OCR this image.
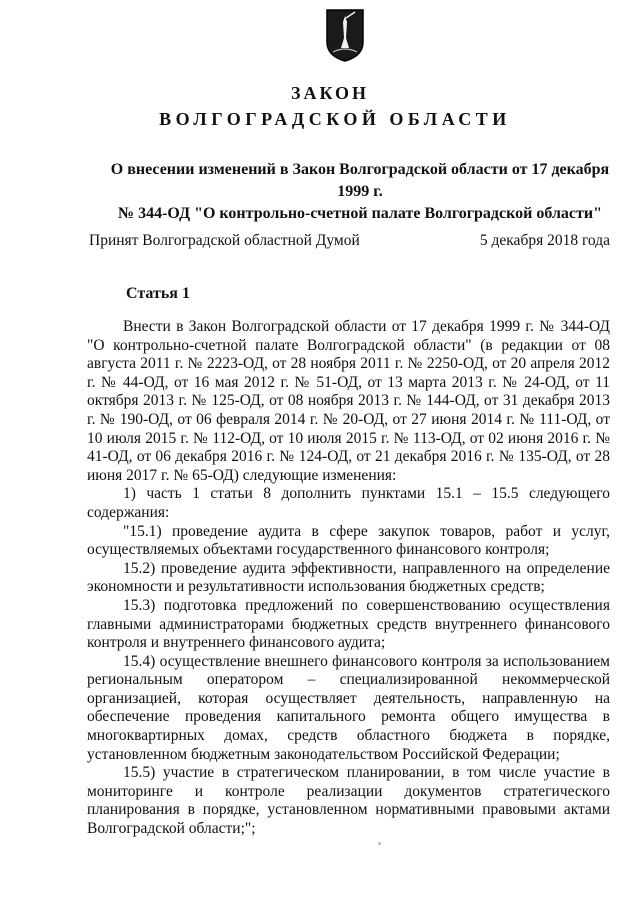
ЗАКОН
ВОЛГОГРАДСКОЙ ОБЛАСТИ
О внесении изменений в Закон Волгоградской области от 17 декабря 1999 г.
№ 344-ОД "О контрольно-счетной палате Волгоградской области"
Принят Волгоградской областной Думой	5 декабря 2018 года
Статья 1

Внести в Закон Волгоградской области от 17 декабря 1999 г. № 344-ОД "О контрольно-счетной палате Волгоградской области" (в редакции от 08 августа 2011 г. № 2223-ОД, от 28 ноября 2011 г. № 2250-ОД, от 20 апреля 2012 г. № 44-ОД, от 16 мая 2012 г. № 51-ОД, от 13 марта 2013 г. № 24-ОД, от 11 октября 2013 г. № 125-ОД, от 08 ноября 2013 г. № 144-ОД, от 31 декабря 2013 г. № 190-ОД, от 06 февраля 2014 г. № 20-ОД, от 27 июня 2014 г. № 111-ОД, от 10 июля 2015 г. № 112-ОД, от 10 июля 2015 г. № 113-ОД, от 02 июня 2016 г. № 41-ОД, от 06 декабря 2016 г. № 124-ОД, от 21 декабря 2016 г. № 135-ОД, от 28 июня 2017 г. № 65-ОД) следующие изменения:

1) часть 1 статьи 8 дополнить пунктами 15.1 – 15.5 следующего содержания:

"15.1) проведение аудита в сфере закупок товаров, работ и услуг, осуществляемых объектами государственного финансового контроля;

15.2) проведение аудита эффективности, направленного на определение экономности и результативности использования бюджетных средств;

15.3) подготовка предложений по совершенствованию осуществления главными администраторами бюджетных средств внутреннего финансового контроля и внутреннего финансового аудита;

15.4) осуществление внешнего финансового контроля за использованием региональным оператором – специализированной некоммерческой организацией, которая осуществляет деятельность, направленную на обеспечение проведения капитального ремонта общего имущества в многоквартирных домах, средств областного бюджета в порядке, установленном бюджетным законодательством Российской Федерации;

15.5) участие в стратегическом планировании, в том числе участие в мониторинге и контроле реализации документов стратегического планирования в порядке, установленном нормативными правовыми актами Волгоградской области;";
